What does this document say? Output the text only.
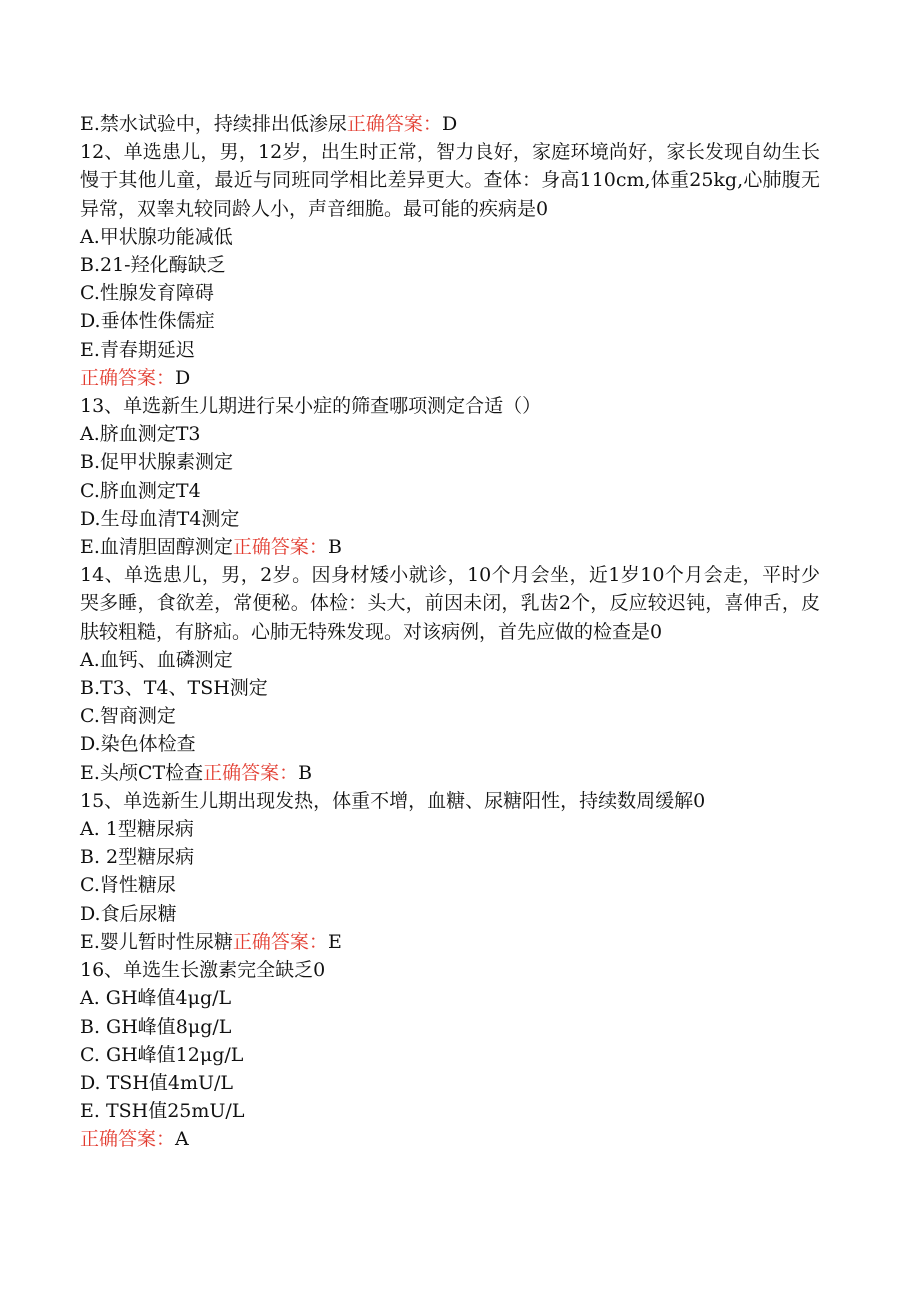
E.禁水试验中，持续排出低渗尿正确答案：D
12、单选患儿，男，12岁，出生时正常，智力良好，家庭环境尚好，家长发现自幼生长慢于其他儿童，最近与同班同学相比差异更大。查体：身高110cm,体重25kg,心肺腹无异常，双睾丸较同龄人小，声音细脆。最可能的疾病是0
A.甲状腺功能减低
B.21-羟化酶缺乏
C.性腺发育障碍
D.垂体性侏儒症
E.青春期延迟
正确答案：D
13、单选新生儿期进行呆小症的筛查哪项测定合适（）
A.脐血测定T3
B.促甲状腺素测定
C.脐血测定T4
D.生母血清T4测定
E.血清胆固醇测定正确答案：B
14、单选患儿，男，2岁。因身材矮小就诊，10个月会坐，近1岁10个月会走，平时少哭多睡，食欲差，常便秘。体检：头大，前因未闭，乳齿2个，反应较迟钝，喜伸舌，皮肤较粗糙，有脐疝。心肺无特殊发现。对该病例，首先应做的检查是0
A.血钙、血磷测定
B.T3、T4、TSH测定
C.智商测定
D.染色体检查
E.头颅CT检查正确答案：B
15、单选新生儿期出现发热，体重不增，血糖、尿糖阳性，持续数周缓解0
A. 1型糖尿病
B. 2型糖尿病
C.肾性糖尿
D.食后尿糖
E.婴儿暂时性尿糖正确答案：E
16、单选生长激素完全缺乏0
A. GH峰值4μg/L
B. GH峰值8μg/L
C. GH峰值12μg/L
D. TSH值4mU/L
E. TSH值25mU/L
正确答案：A
